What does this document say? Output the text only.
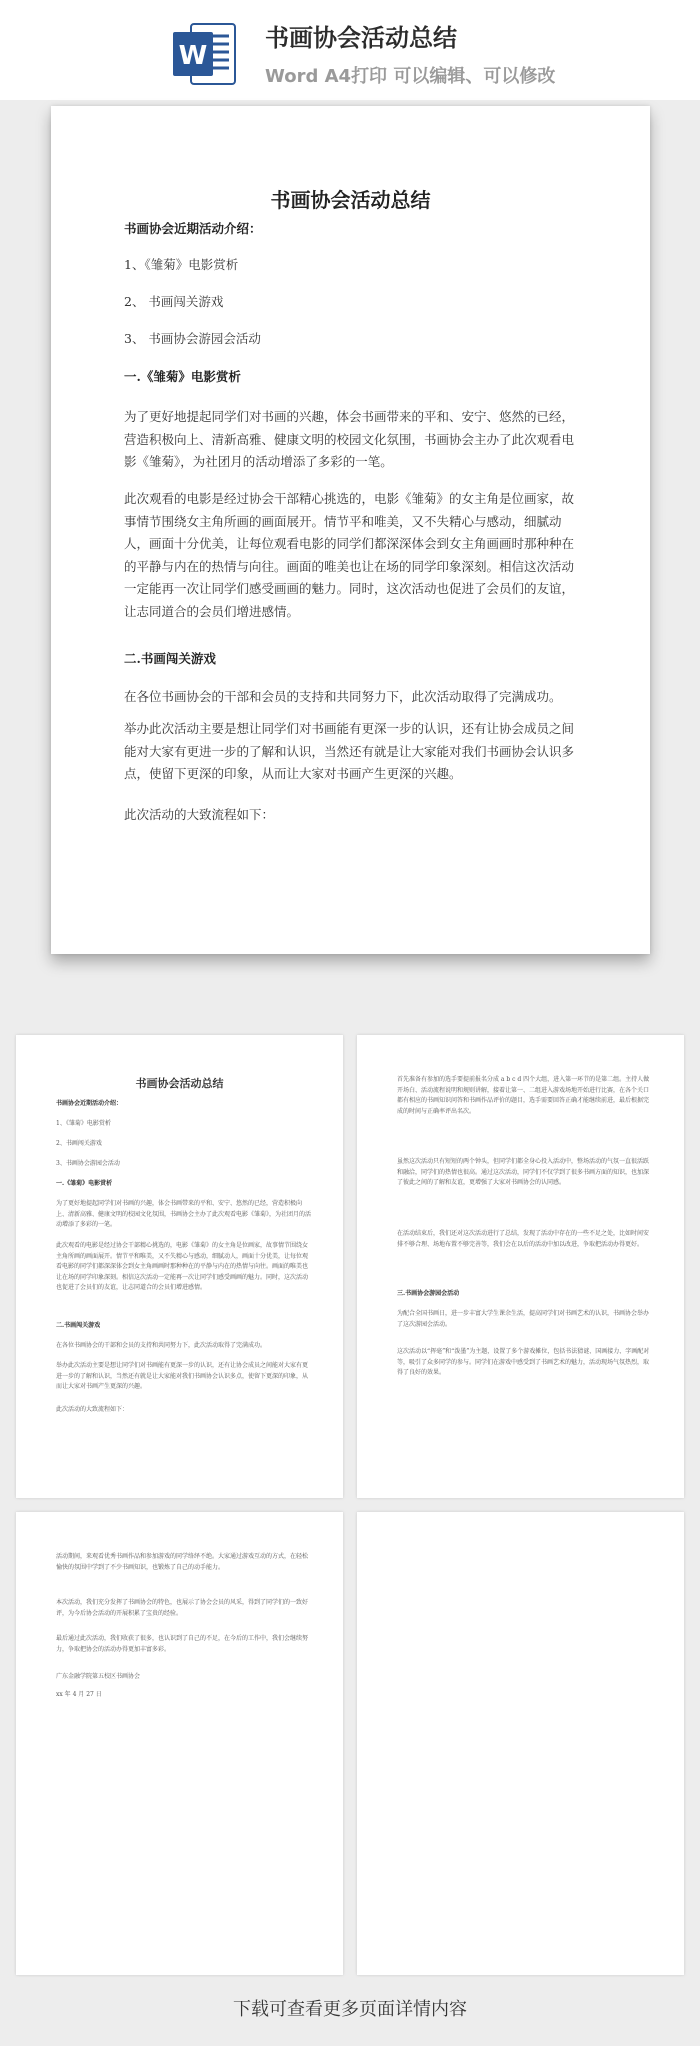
W
书画协会活动总结
Word A4打印 可以编辑、可以修改
书画协会活动总结
书画协会近期活动介绍：
1、《雏菊》电影赏析
2、 书画闯关游戏
3、 书画协会游园会活动
一.《雏菊》电影赏析
为了更好地提起同学们对书画的兴趣，体会书画带来的平和、安宁、悠然的已经，营造积极向上、清新高雅、健康文明的校园文化氛围，书画协会主办了此次观看电影《雏菊》，为社团月的活动增添了多彩的一笔。
此次观看的电影是经过协会干部精心挑选的，电影《雏菊》的女主角是位画家，故事情节围绕女主角所画的画面展开。情节平和唯美，又不失精心与感动，细腻动人，画面十分优美，让每位观看电影的同学们都深深体会到女主角画画时那种种在的平静与内在的热情与向往。画面的唯美也让在场的同学印象深刻。相信这次活动一定能再一次让同学们感受画画的魅力。同时，这次活动也促进了会员们的友谊，让志同道合的会员们增进感情。
二.书画闯关游戏
在各位书画协会的干部和会员的支持和共同努力下，此次活动取得了完满成功。
举办此次活动主要是想让同学们对书画能有更深一步的认识，还有让协会成员之间能对大家有更进一步的了解和认识，当然还有就是让大家能对我们书画协会认识多点，使留下更深的印象，从而让大家对书画产生更深的兴趣。
此次活动的大致流程如下：
书画协会活动总结
书画协会近期活动介绍：
1、《雏菊》电影赏析
2、书画闯关游戏
3、书画协会游园会活动
一.《雏菊》电影赏析
为了更好地提起同学们对书画的兴趣，体会书画带来的平和、安宁、悠然的已经，营造积极向上、清新高雅、健康文明的校园文化氛围，书画协会主办了此次观看电影《雏菊》，为社团月的活动增添了多彩的一笔。
此次观看的电影是经过协会干部精心挑选的，电影《雏菊》的女主角是位画家，故事情节围绕女主角所画的画面展开。情节平和唯美，又不失精心与感动，细腻动人，画面十分优美，让每位观看电影的同学们都深深体会到女主角画画时那种种在的平静与内在的热情与向往。画面的唯美也让在场的同学印象深刻。相信这次活动一定能再一次让同学们感受画画的魅力。同时，这次活动也促进了会员们的友谊，让志同道合的会员们增进感情。
二.书画闯关游戏
在各位书画协会的干部和会员的支持和共同努力下，此次活动取得了完满成功。
举办此次活动主要是想让同学们对书画能有更深一步的认识，还有让协会成员之间能对大家有更进一步的了解和认识，当然还有就是让大家能对我们书画协会认识多点，使留下更深的印象，从而让大家对书画产生更深的兴趣。
此次活动的大致流程如下：
首先准备有参加的选手要提前报名分成 a b c d 四个大组，进入第一环节的是第二组。主持人做开场白、活动流程说明和规则讲解，接着让第一、二组进入游戏场地开始进行比赛，在各个关口都有相应的书画知识问答和书画作品评价的题目，选手需要回答正确才能继续前进，最后根据完成的时间与正确率评出名次。
虽然这次活动只有短短的两个钟头，但同学们都全身心投入活动中，整场活动的气氛一直很活跃和融洽，同学们的热情也很高。通过这次活动，同学们不仅学到了很多书画方面的知识，也加深了彼此之间的了解和友谊，更增强了大家对书画协会的认同感。
在活动结束后，我们还对这次活动进行了总结，发现了活动中存在的一些不足之处，比如时间安排不够合理、场地布置不够完善等，我们会在以后的活动中加以改进，争取把活动办得更好。
三.书画协会游园会活动
为配合全国书画日，进一步丰富大学生课余生活，提高同学们对书画艺术的认识，书画协会举办了这次游园会活动。
这次活动以“挥毫”和“泼墨”为主题，设置了多个游戏摊位，包括书法猜谜、国画接力、字画配对等，吸引了众多同学的参与。同学们在游戏中感受到了书画艺术的魅力，活动现场气氛热烈，取得了良好的效果。
活动期间，来观看优秀书画作品和参加游戏的同学络绎不绝。大家通过游戏互动的方式，在轻松愉快的氛围中学到了不少书画知识，也锻炼了自己的动手能力。
本次活动，我们充分发挥了书画协会的特色，也展示了协会会员的风采，得到了同学们的一致好评，为今后协会活动的开展积累了宝贵的经验。
最后通过此次活动，我们收获了很多，也认识到了自己的不足，在今后的工作中，我们会继续努力，争取把协会的活动办得更加丰富多彩。
广东金融学院第五校区书画协会
xx 年 4 月 27 日
下载可查看更多页面详情内容
